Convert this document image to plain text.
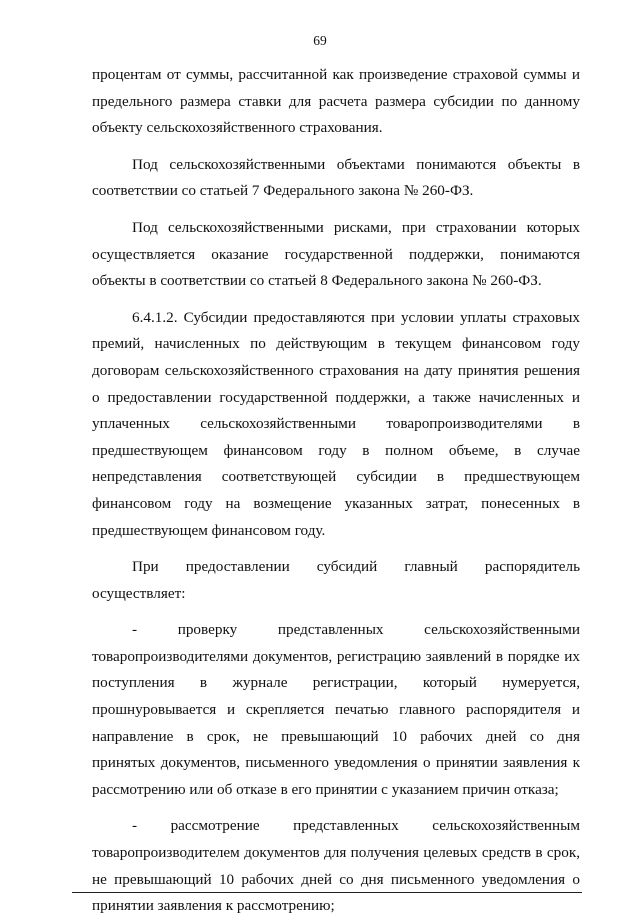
69
процентам от суммы, рассчитанной как произведение страховой суммы и
предельного размера ставки для расчета размера субсидии по данному
объекту сельскохозяйственного страхования.
Под сельскохозяйственными объектами понимаются объекты в
соответствии со статьей 7 Федерального закона № 260-ФЗ.
Под сельскохозяйственными рисками, при страховании которых
осуществляется оказание государственной поддержки, понимаются
объекты в соответствии со статьей 8 Федерального закона № 260-ФЗ.
6.4.1.2. Субсидии предоставляются при условии уплаты страховых
премий, начисленных по действующим в текущем финансовом году
договорам сельскохозяйственного страхования на дату принятия решения
о предоставлении государственной поддержки, а также начисленных и
уплаченных сельскохозяйственными товаропроизводителями в
предшествующем финансовом году в полном объеме, в случае
непредставления соответствующей субсидии в предшествующем
финансовом году на возмещение указанных затрат, понесенных в
предшествующем финансовом году.
При предоставлении субсидий главный распорядитель
осуществляет:
- проверку представленных сельскохозяйственными
товаропроизводителями документов, регистрацию заявлений в порядке их
поступления в журнале регистрации, который нумеруется,
прошнуровывается и скрепляется печатью главного распорядителя и
направление в срок, не превышающий 10 рабочих дней со дня
принятых документов, письменного уведомления о принятии заявления к
рассмотрению или об отказе в его принятии с указанием причин отказа;
- рассмотрение представленных сельскохозяйственным
товаропроизводителем документов для получения целевых средств в срок,
не превышающий 10 рабочих дней со дня письменного уведомления о
принятии заявления к рассмотрению;
